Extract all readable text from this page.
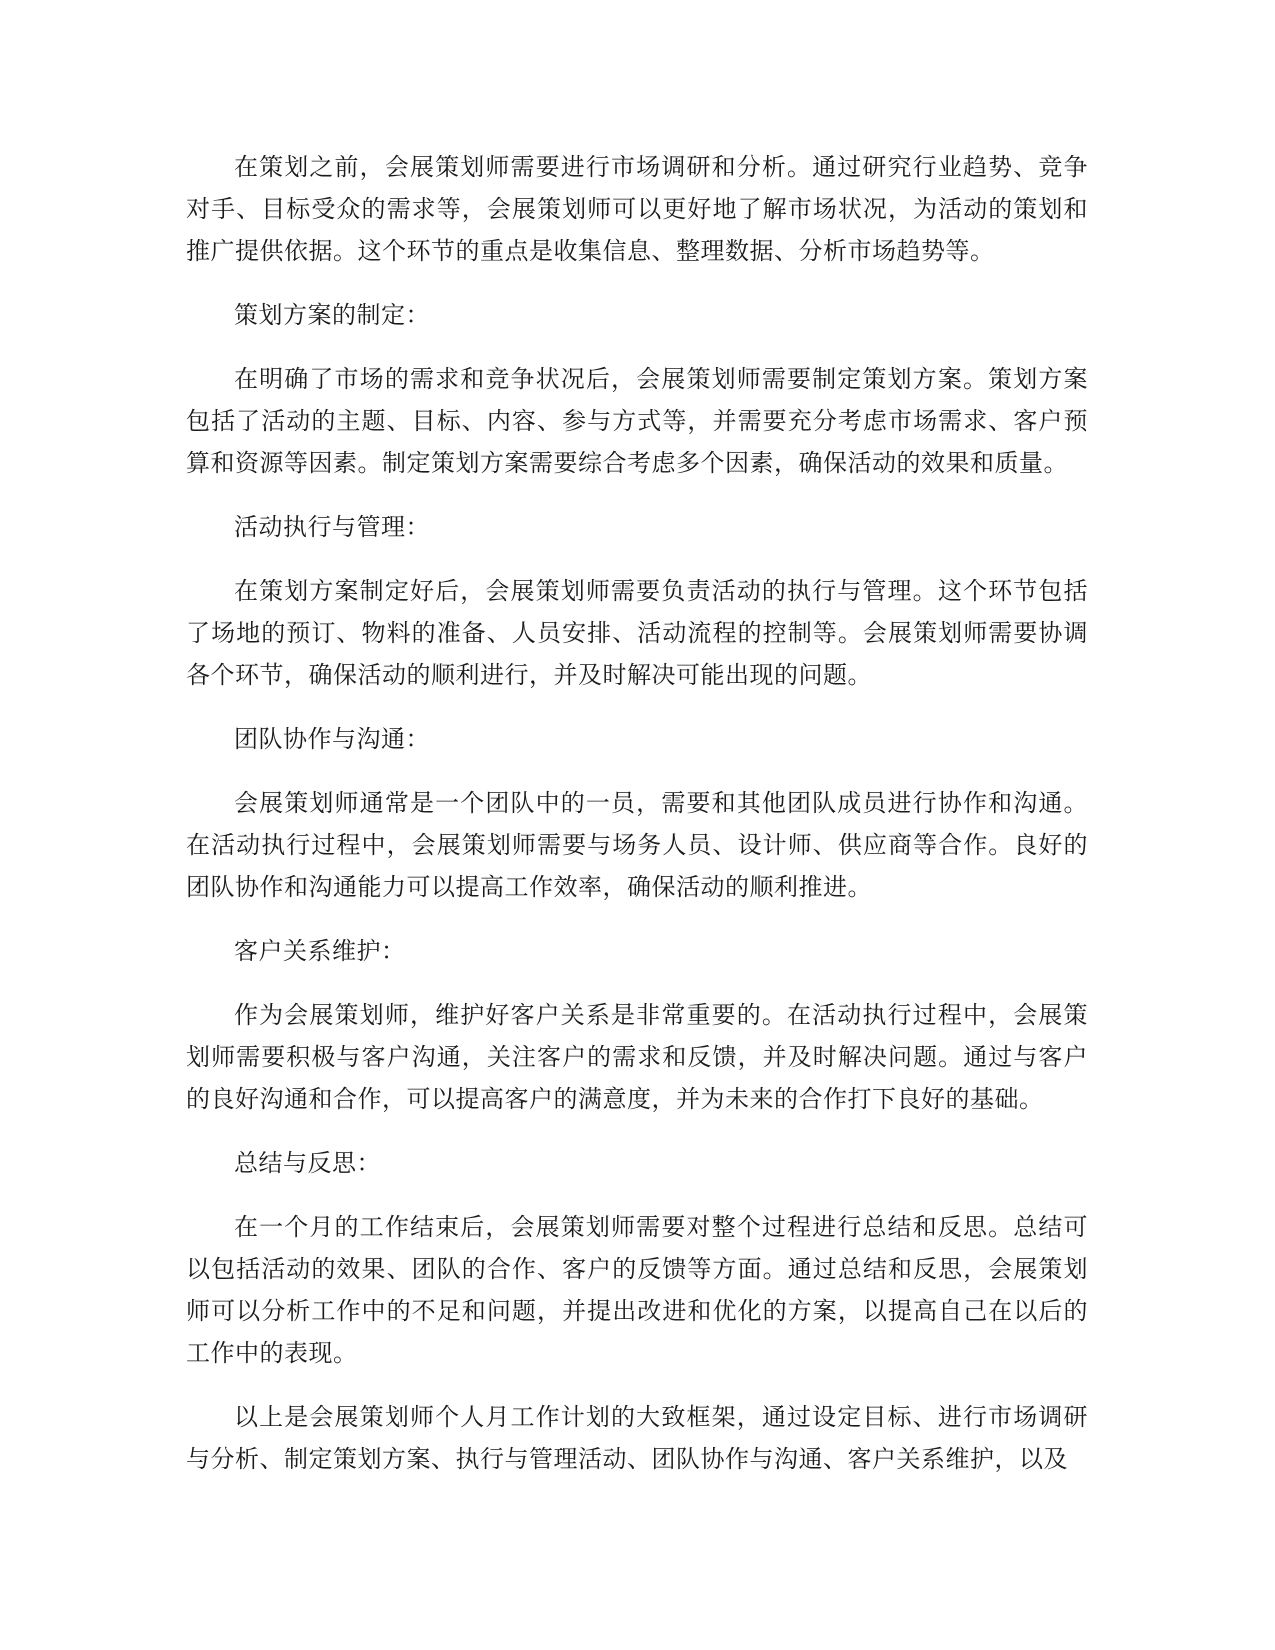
在策划之前，会展策划师需要进行市场调研和分析。通过研究行业趋势、竞争对手、目标受众的需求等，会展策划师可以更好地了解市场状况，为活动的策划和推广提供依据。这个环节的重点是收集信息、整理数据、分析市场趋势等。

策划方案的制定：

在明确了市场的需求和竞争状况后，会展策划师需要制定策划方案。策划方案包括了活动的主题、目标、内容、参与方式等，并需要充分考虑市场需求、客户预算和资源等因素。制定策划方案需要综合考虑多个因素，确保活动的效果和质量。

活动执行与管理：

在策划方案制定好后，会展策划师需要负责活动的执行与管理。这个环节包括了场地的预订、物料的准备、人员安排、活动流程的控制等。会展策划师需要协调各个环节，确保活动的顺利进行，并及时解决可能出现的问题。

团队协作与沟通：

会展策划师通常是一个团队中的一员，需要和其他团队成员进行协作和沟通。在活动执行过程中，会展策划师需要与场务人员、设计师、供应商等合作。良好的团队协作和沟通能力可以提高工作效率，确保活动的顺利推进。

客户关系维护：

作为会展策划师，维护好客户关系是非常重要的。在活动执行过程中，会展策划师需要积极与客户沟通，关注客户的需求和反馈，并及时解决问题。通过与客户的良好沟通和合作，可以提高客户的满意度，并为未来的合作打下良好的基础。

总结与反思：

在一个月的工作结束后，会展策划师需要对整个过程进行总结和反思。总结可以包括活动的效果、团队的合作、客户的反馈等方面。通过总结和反思，会展策划师可以分析工作中的不足和问题，并提出改进和优化的方案，以提高自己在以后的工作中的表现。

以上是会展策划师个人月工作计划的大致框架，通过设定目标、进行市场调研与分析、制定策划方案、执行与管理活动、团队协作与沟通、客户关系维护，以及
